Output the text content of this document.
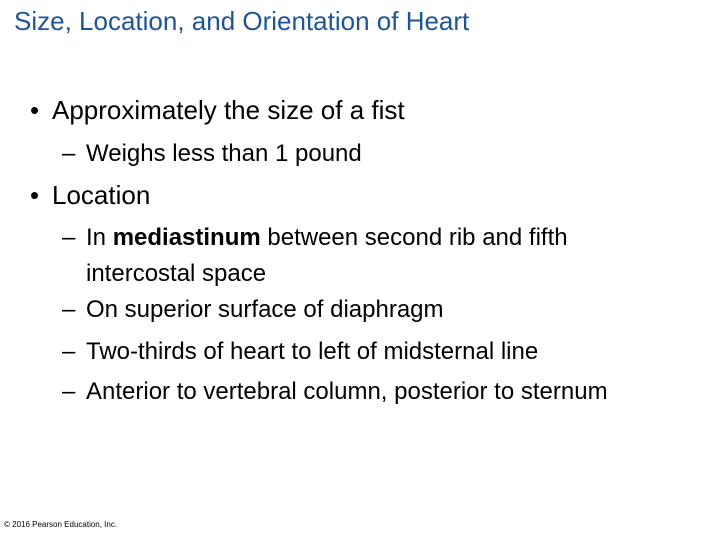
Size, Location, and Orientation of Heart
• Approximately the size of a fist
– Weighs less than 1 pound
• Location
– In mediastinum between second rib and fifth
intercostal space
– On superior surface of diaphragm
– Two-thirds of heart to left of midsternal line
– Anterior to vertebral column, posterior to sternum
© 2016 Pearson Education, Inc.
